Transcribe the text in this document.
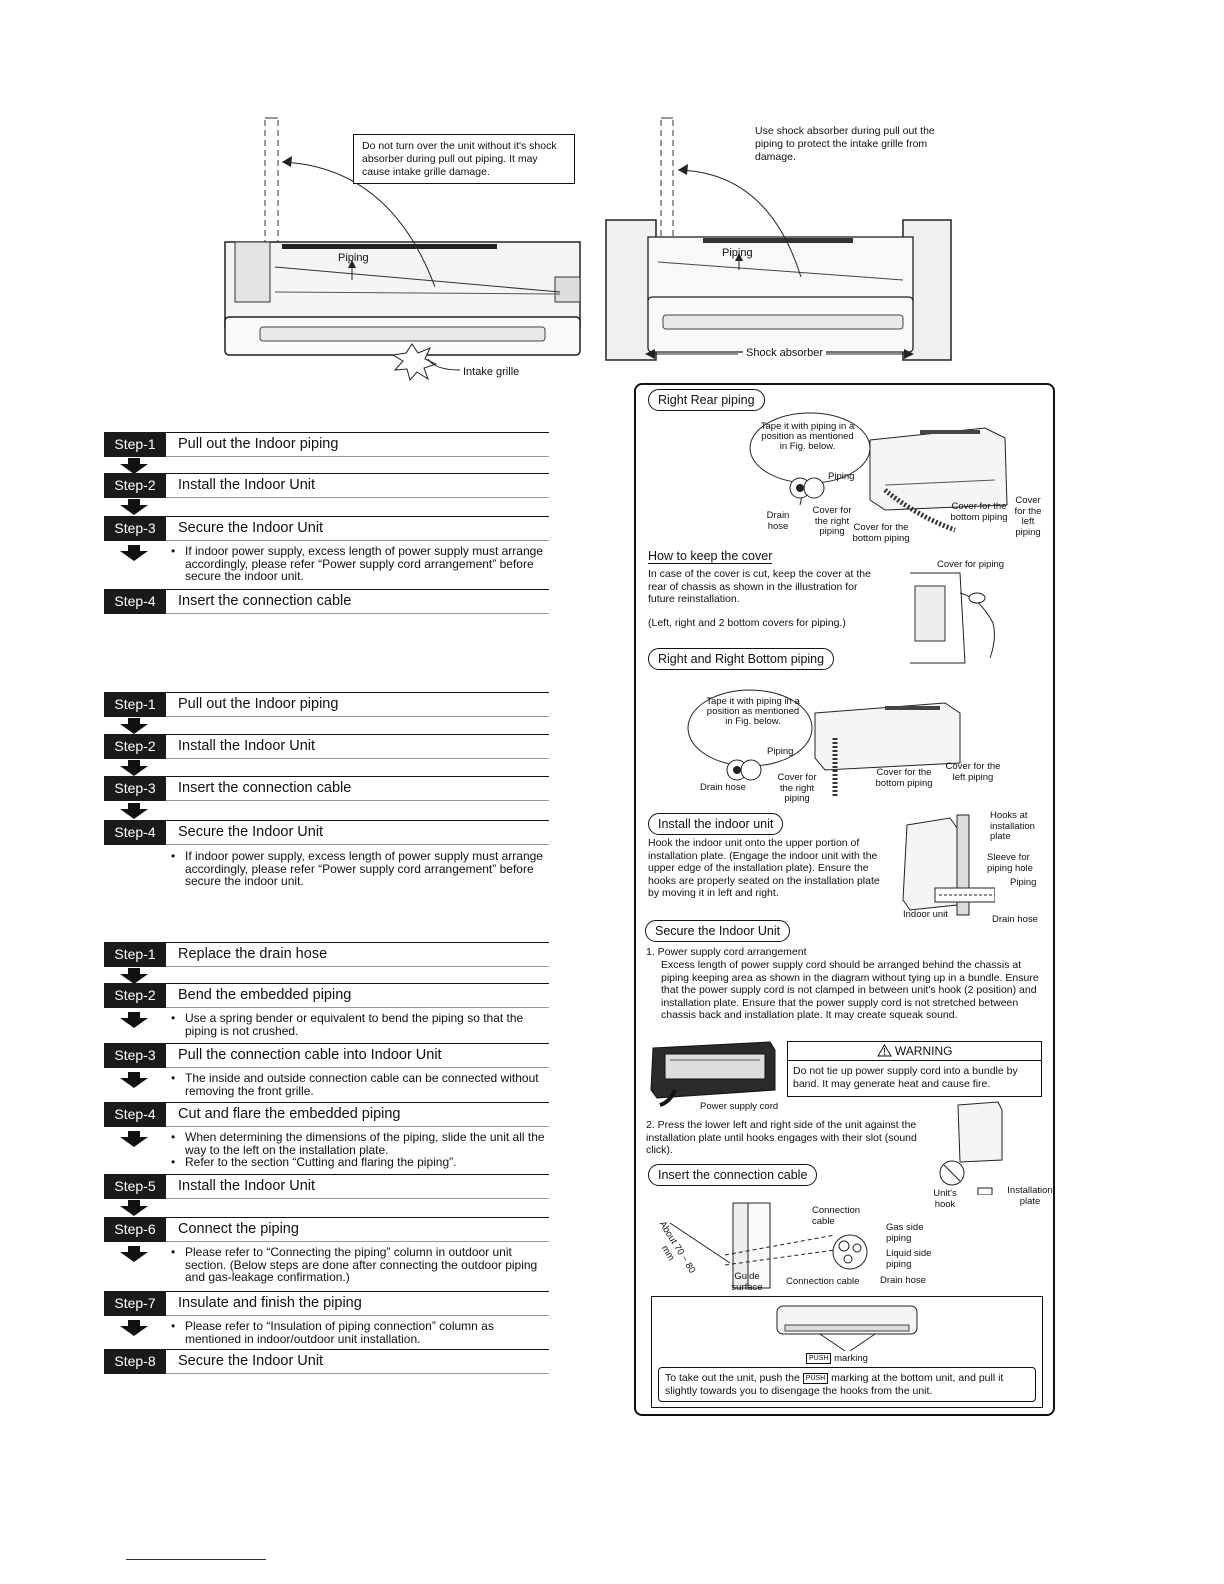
Do not turn over the unit without it's shock absorber during pull out piping. It may cause intake grille damage.
Piping
Intake grille
Use shock absorber during pull out the piping to protect the intake grille from damage.
Piping
Shock absorber
Step-1	Pull out the Indoor piping
Step-2	Install the Indoor Unit
Step-3	Secure the Indoor Unit
• If indoor power supply, excess length of power supply must arrange accordingly, please refer “Power supply cord arrangement” before secure the indoor unit.
Step-4	Insert the connection cable
Step-1	Pull out the Indoor piping
Step-2	Install the Indoor Unit
Step-3	Insert the connection cable
Step-4	Secure the Indoor Unit
• If indoor power supply, excess length of power supply must arrange accordingly, please refer “Power supply cord arrangement” before secure the indoor unit.
Step-1	Replace the drain hose
Step-2	Bend the embedded piping
• Use a spring bender or equivalent to bend the piping so that the piping is not crushed.
Step-3	Pull the connection cable into Indoor Unit
• The inside and outside connection cable can be connected without removing the front grille.
Step-4	Cut and flare the embedded piping
• When determining the dimensions of the piping, slide the unit all the way to the left on the installation plate.
• Refer to the section “Cutting and flaring the piping”.
Step-5	Install the Indoor Unit
Step-6	Connect the piping
• Please refer to “Connecting the piping” column in outdoor unit section. (Below steps are done after connecting the outdoor piping and gas-leakage confirmation.)
Step-7	Insulate and finish the piping
• Please refer to “Insulation of piping connection” column as mentioned in indoor/outdoor unit installation.
Step-8	Secure the Indoor Unit
Right Rear piping
Tape it with piping in a position as mentioned in Fig. below.
Piping
Drain hose
Cover for the right piping Cover for the bottom piping
Cover for the bottom piping
Cover for the left piping
How to keep the cover
In case of the cover is cut, keep the cover at the rear of chassis as shown in the illustration for future reinstallation.
(Left, right and 2 bottom covers for piping.)
Cover for piping
Right and Right Bottom piping
Tape it with piping in a position as mentioned in Fig. below.
Piping
Drain hose
Cover for the right piping
Cover for the bottom piping
Cover for the left piping
Install the indoor unit
Hook the indoor unit onto the upper portion of installation plate. (Engage the indoor unit with the upper edge of the installation plate). Ensure the hooks are properly seated on the installation plate by moving it in left and right.
Hooks at installation plate
Sleeve for piping hole
Piping
Indoor unit	Drain hose
Secure the Indoor Unit
1. Power supply cord arrangement
Excess length of power supply cord should be arranged behind the chassis at piping keeping area as shown in the diagram without tying up in a bundle. Ensure that the power supply cord is not clamped in between unit's hook (2 position) and installation plate. Ensure that the power supply cord is not stretched between chassis back and installation plate. It may create squeak sound.
Power supply cord
WARNING
Do not tie up power supply cord into a bundle by band. It may generate heat and cause fire.
2. Press the lower left and right side of the unit against the installation plate until hooks engages with their slot (sound click).
Unit's hook
Installation plate
Insert the connection cable
Connection cable
Gas side piping
Liquid side piping
Drain hose
About 70 ~ 80 mm
Guide surface Connection cable
PUSH marking
To take out the unit, push the PUSH marking at the bottom unit, and pull it slightly towards you to disengage the hooks from the unit.
